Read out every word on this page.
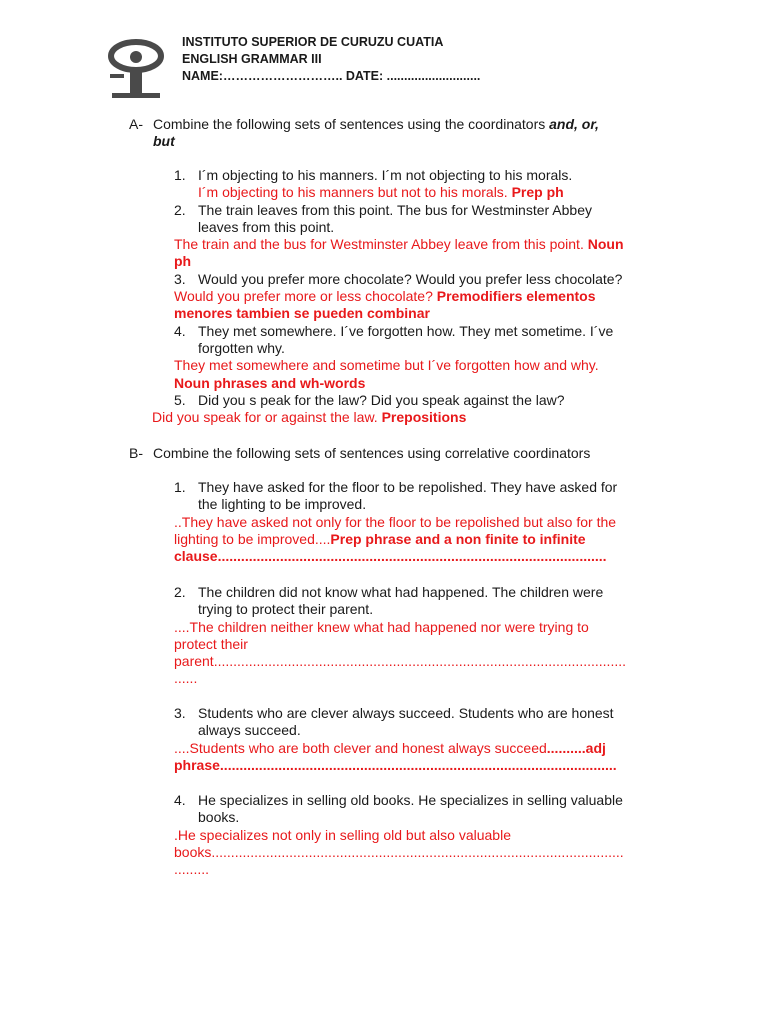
INSTITUTO SUPERIOR DE CURUZU CUATIA
ENGLISH GRAMMAR III
NAME:……………………….. DATE: ...........................
A- Combine the following sets of sentences using the coordinators and, or,
but
1. I´m objecting to his manners. I´m not objecting to his morals.
I´m objecting to his manners but not to his morals. Prep ph
2. The train leaves from this point. The bus for Westminster Abbey
leaves from this point.
The train and the bus for Westminster Abbey leave from this point. Noun
ph
3. Would you prefer more chocolate? Would you prefer less chocolate?
Would you prefer more or less chocolate? Premodifiers elementos
menores tambien se pueden combinar
4. They met somewhere. I´ve forgotten how. They met sometime. I´ve
forgotten why.
They met somewhere and sometime but I´ve forgotten how and why.
Noun phrases and wh-words
5. Did you s peak for the law? Did you speak against the law?
Did you speak for or against the law. Prepositions
B- Combine the following sets of sentences using correlative coordinators
1. They have asked for the floor to be repolished. They have asked for
the lighting to be improved.
..They have asked not only for the floor to be repolished but also for the
lighting to be improved....Prep phrase and a non finite to infinite
clause....................................................................................................
2. The children did not know what had happened. The children were
trying to protect their parent.
....The children neither knew what had happened nor were trying to
protect their
parent..........................................................................................................
......
3. Students who are clever always succeed. Students who are honest
always succeed.
....Students who are both clever and honest always succeed..........adj
phrase......................................................................................................
4. He specializes in selling old books. He specializes in selling valuable
books.
.He specializes not only in selling old but also valuable
books..........................................................................................................
.........
